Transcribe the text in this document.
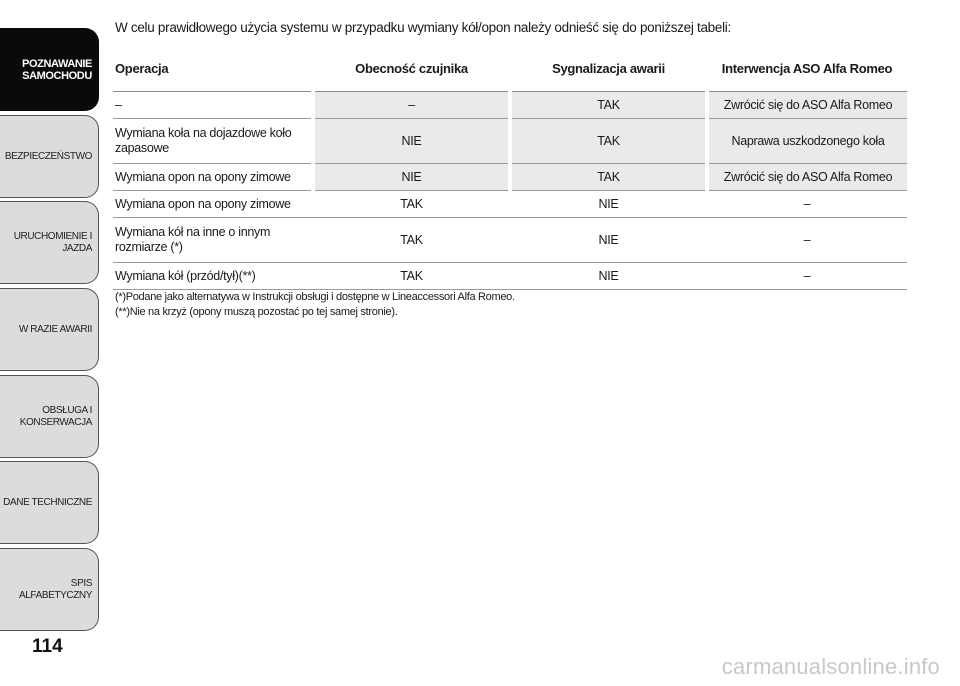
POZNAWANIE
SAMOCHODU
BEZPIECZEŃSTWO
URUCHOMIENIE I
JAZDA
W RAZIE AWARII
OBSŁUGA I
KONSERWACJA
DANE TECHNICZNE
SPIS ALFABETYCZNY
114
W celu prawidłowego użycia systemu w przypadku wymiany kół/opon należy odnieść się do poniższej tabeli:
Operacja	Obecność czujnika	Sygnalizacja awarii	Interwencja ASO Alfa Romeo
–	–	TAK	Zwrócić się do ASO Alfa Romeo
Wymiana koła na dojazdowe koło zapasowe	NIE	TAK	Naprawa uszkodzonego koła
Wymiana opon na opony zimowe	NIE	TAK	Zwrócić się do ASO Alfa Romeo
Wymiana opon na opony zimowe	TAK	NIE	–
Wymiana kół na inne o innym rozmiarze (*)	TAK	NIE	–
Wymiana kół (przód/tył)(**)	TAK	NIE	–
(*)Podane jako alternatywa w Instrukcji obsługi i dostępne w Lineaccessori Alfa Romeo.
(**)Nie na krzyż (opony muszą pozostać po tej samej stronie).
carmanualsonline.info
